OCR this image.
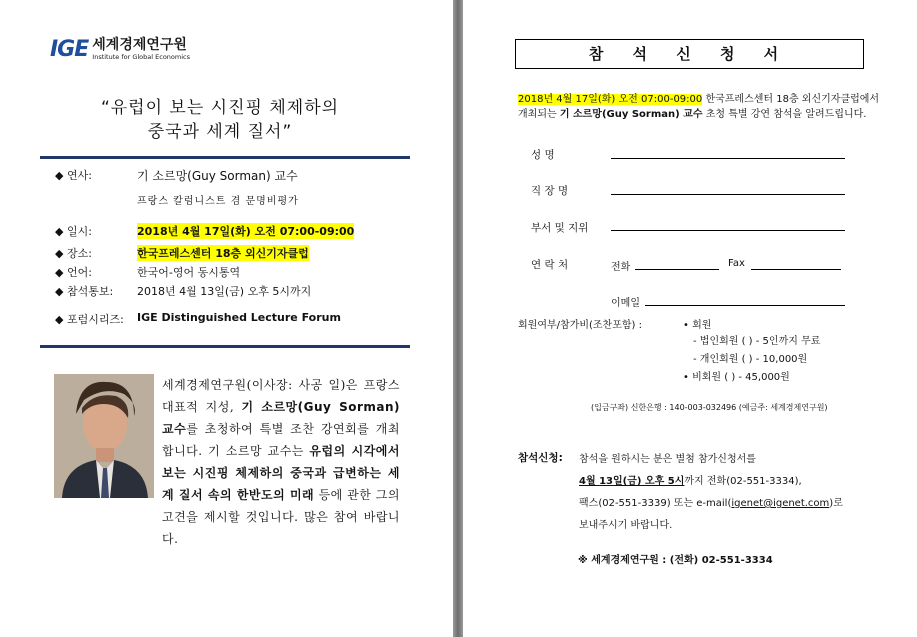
IGE 세계경제연구원
Institute for Global Economics
“유럽이 보는 시진핑 체제하의
중국과 세계 질서”
◆ 연사:	기 소르망(Guy Sorman) 교수
프랑스 칼럼니스트 겸 문명비평가
◆ 일시:	2018년 4월 17일(화) 오전 07:00-09:00
◆ 장소:	한국프레스센터 18층 외신기자클럽
◆ 언어:	한국어-영어 동시통역
◆ 참석통보: 2018년 4월 13일(금) 오후 5시까지
◆ 포럼시리즈: IGE Distinguished Lecture Forum
세계경제연구원(이사장: 사공 일)은 프랑스 대표적 지성, 기 소르망(Guy Sorman) 교수를 초청하여 특별 조찬 강연회를 개최 합니다. 기 소르망 교수는 유럽의 시각에서 보는 시진핑 체제하의 중국과 급변하는 세계 질서 속의 한반도의 미래 등에 관한 그의 고견을 제시할 것입니다. 많은 참여 바랍니다.
참 석 신 청 서
2018년 4월 17일(화) 오전 07:00-09:00 한국프레스센터 18층 외신기자클럽에서
개최되는 기 소르망(Guy Sorman) 교수 초청 특별 강연 참석을 알려드립니다.
성 명
직 장 명
부서 및 지위
연 락 처	전화	Fax
이메일
회원여부/참가비(조찬포함) :	• 회원
- 법인회원 ( ) - 5인까지 무료
- 개인회원 ( ) - 10,000원
• 비회원 ( ) - 45,000원
(입금구좌) 신한은행 : 140-003-032496 (예금주: 세계경제연구원)
참석신청: 참석을 원하시는 분은 별첨 참가신청서를
4월 13일(금) 오후 5시까지 전화(02-551-3334),
팩스(02-551-3339) 또는 e-mail(igenet@igenet.com)로
보내주시기 바랍니다.
※ 세계경제연구원 : (전화) 02-551-3334
